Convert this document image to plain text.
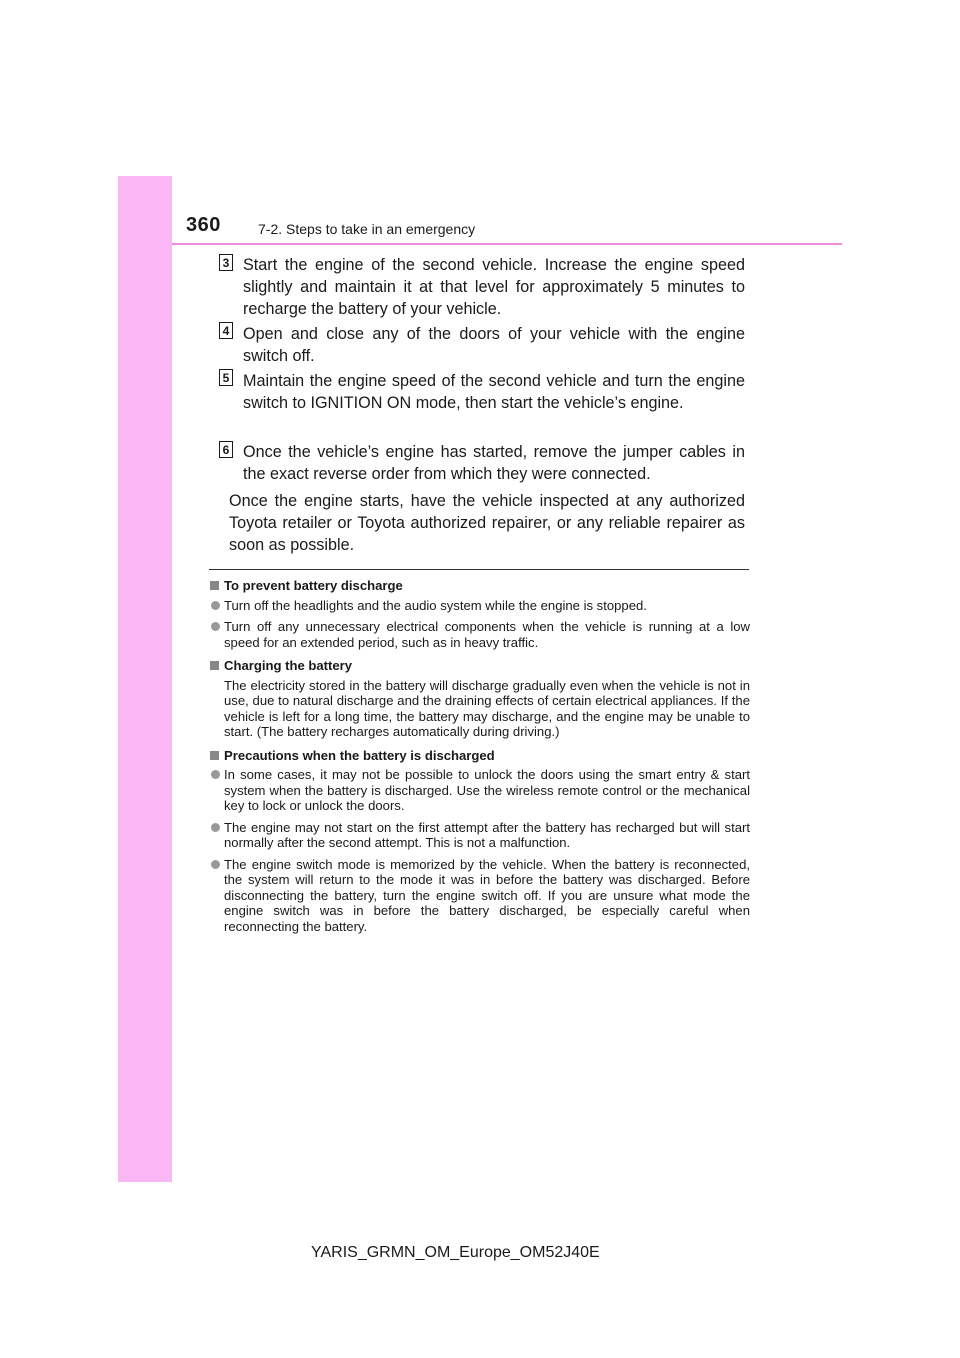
360	7-2. Steps to take in an emergency
3 Start the engine of the second vehicle. Increase the engine speed slightly and maintain it at that level for approximately 5 minutes to recharge the battery of your vehicle.
4 Open and close any of the doors of your vehicle with the engine switch off.
5 Maintain the engine speed of the second vehicle and turn the engine switch to IGNITION ON mode, then start the vehicle’s engine.
6 Once the vehicle’s engine has started, remove the jumper cables in the exact reverse order from which they were connected.
Once the engine starts, have the vehicle inspected at any authorized Toyota retailer or Toyota authorized repairer, or any reliable repairer as soon as possible.
To prevent battery discharge
Turn off the headlights and the audio system while the engine is stopped.
Turn off any unnecessary electrical components when the vehicle is running at a low speed for an extended period, such as in heavy traffic.
Charging the battery
The electricity stored in the battery will discharge gradually even when the vehicle is not in use, due to natural discharge and the draining effects of certain electrical appliances. If the vehicle is left for a long time, the battery may discharge, and the engine may be unable to start. (The battery recharges automatically during driving.)
Precautions when the battery is discharged
In some cases, it may not be possible to unlock the doors using the smart entry & start system when the battery is discharged. Use the wireless remote control or the mechanical key to lock or unlock the doors.
The engine may not start on the first attempt after the battery has recharged but will start normally after the second attempt. This is not a malfunction.
The engine switch mode is memorized by the vehicle. When the battery is reconnected, the system will return to the mode it was in before the battery was discharged. Before disconnecting the battery, turn the engine switch off. If you are unsure what mode the engine switch was in before the battery discharged, be especially careful when reconnecting the battery.
YARIS_GRMN_OM_Europe_OM52J40E
